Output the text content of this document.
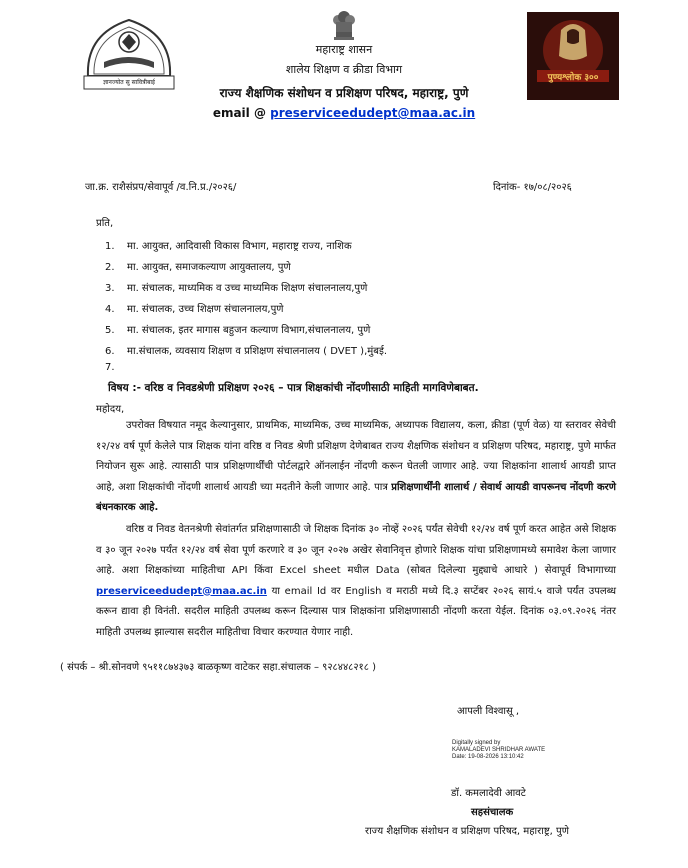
ज्ञानज्योत सु सावित्रीबाई	पुण्यश्लोक ३००
महाराष्ट्र शासन
शालेय शिक्षण व क्रीडा विभाग
राज्य शैक्षणिक संशोधन व प्रशिक्षण परिषद, महाराष्ट्र, पुणे
email @ preserviceedudept@maa.ac.in
जा.क्र. राशैसंप्रप/सेवापूर्व /व.नि.प्र./२०२६/	दिनांक- १७/०८/२०२६
प्रति,
1. मा. आयुक्त, आदिवासी विकास विभाग, महाराष्ट्र राज्य, नाशिक
2. मा. आयुक्त, समाजकल्याण आयुक्तालय, पुणे
3. मा. संचालक, माध्यमिक व उच्च माध्यमिक शिक्षण संचालनालय,पुणे
4. मा. संचालक, उच्च शिक्षण संचालनालय,पुणे
5. मा. संचालक, इतर मागास बहुजन कल्याण विभाग,संचालनालय, पुणे
6. मा.संचालक, व्यवसाय शिक्षण व प्रशिक्षण संचालनालय ( DVET ),मुंबई.
7.
विषय :- वरिष्ठ व निवडश्रेणी प्रशिक्षण २०२६ – पात्र शिक्षकांची नोंदणीसाठी माहिती मागविणेबाबत.
महोदय,
उपरोक्त विषयात नमूद केल्यानुसार, प्राथमिक, माध्यमिक, उच्च माध्यमिक, अध्यापक विद्यालय, कला, क्रीडा (पूर्ण वेळ) या स्तरावर सेवेची १२/२४ वर्ष पूर्ण केलेले पात्र शिक्षक यांना वरिष्ठ व निवड श्रेणी प्रशिक्षण देणेबाबत राज्य शैक्षणिक संशोधन व प्रशिक्षण परिषद, महाराष्ट्र, पुणे मार्फत नियोजन सुरू आहे. त्यासाठी पात्र प्रशिक्षणार्थींची पोर्टलद्वारे ऑनलाईन नोंदणी करून घेतली जाणार आहे. ज्या शिक्षकांना शालार्थ आयडी प्राप्त आहे, अशा शिक्षकांची नोंदणी शालार्थ आयडी च्या मदतीने केली जाणार आहे. पात्र प्रशिक्षणार्थींनी शालार्थ / सेवार्थ आयडी वापरूनच नोंदणी करणे बंधनकारक आहे.
वरिष्ठ व निवड वेतनश्रेणी सेवांतर्गत प्रशिक्षणासाठी जे शिक्षक दिनांक ३० नोव्हें २०२६ पर्यंत सेवेची १२/२४ वर्ष पूर्ण करत आहेत असे शिक्षक व ३० जून २०२७ पर्यंत १२/२४ वर्ष सेवा पूर्ण करणारे व ३० जून २०२७ अखेर सेवानिवृत्त होणारे शिक्षक यांचा प्रशिक्षणामध्ये समावेश केला जाणार आहे. अशा शिक्षकांच्या माहितीचा API किंवा Excel sheet मधील Data (सोबत दिलेल्या मुद्द्याचे आधारे ) सेवापूर्व विभागाच्या preserviceedudept@maa.ac.in या email Id वर English व मराठी मध्ये दि.३ सप्टेंबर २०२६ सायं.५ वाजे पर्यंत उपलब्ध करून द्यावा ही विनंती. सदरील माहिती उपलब्ध करून दिल्यास पात्र शिक्षकांना प्रशिक्षणासाठी नोंदणी करता येईल. दिनांक ०३.०९.२०२६ नंतर माहिती उपलब्ध झाल्यास सदरील माहितीचा विचार करण्यात येणार नाही.
( संपर्क – श्री.सोनवणे ९५११८७४३७३ बाळकृष्ण वाटेकर सहा.संचालक – ९२८४४८२१८ )
आपली विश्वासू ,
Digitally signed by
KAMALADEVI SHRIDHAR AWATE
Date: 19-08-2026 13:10:42
डॉ. कमलादेवी आवटे
सहसंचालक
राज्य शैक्षणिक संशोधन व प्रशिक्षण परिषद, महाराष्ट्र, पुणे
